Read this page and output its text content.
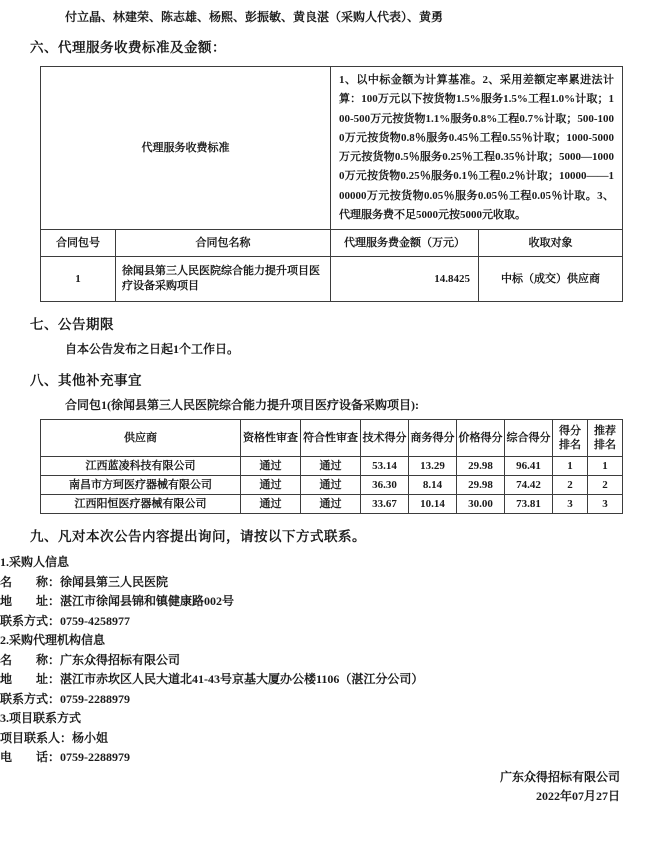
付立晶、林建荣、陈志雄、杨熙、彭振敏、黄良湛（采购人代表）、黄勇

六、代理服务收费标准及金额：
代理服务收费标准		1、以中标金额为计算基准。2、采用差额定率累进法计算：100万元以下按货物1.5%服务1.5%工程1.0%计取；100-500万元按货物1.1%服务0.8%工程0.7%计取；500-1000万元按货物0.8％服务0.45％工程0.55％计取；1000-5000万元按货物0.5％服务0.25％工程0.35％计取；5000—10000万元按货物0.25％服务0.1％工程0.2％计取；10000——100000万元按货物0.05％服务0.05％工程0.05％计取。3、代理服务费不足5000元按5000元收取。	
合同包号	合同包名称	代理服务费金额（万元）	收取对象
1	徐闻县第三人民医院综合能力提升项目医疗设备采购项目	14.8425	中标（成交）供应商
七、公告期限

自本公告发布之日起1个工作日。

八、其他补充事宜

合同包1(徐闻县第三人民医院综合能力提升项目医疗设备采购项目):

供应商	资格性审查	符合性审查	技术得分	商务得分	价格得分	综合得分	得分排名	推荐排名
江西蓝凌科技有限公司	通过	通过	53.14	13.29	29.98	96.41	1	1
南昌市方珂医疗器械有限公司	通过	通过	36.30	8.14	29.98	74.42	2	2
江西阳恒医疗器械有限公司	通过	通过	33.67	10.14	30.00	73.81	3	3
九、凡对本次公告内容提出询问，请按以下方式联系。

1.采购人信息

名　　称：徐闻县第三人民医院

地　　址：湛江市徐闻县锦和镇健康路002号

联系方式：0759-4258977

2.采购代理机构信息

名　　称：广东众得招标有限公司

地　　址：湛江市赤坎区人民大道北41-43号京基大厦办公楼1106（湛江分公司）

联系方式：0759-2288979

3.项目联系方式

项目联系人：杨小姐

电　　话：0759-2288979

广东众得招标有限公司

2022年07月27日
